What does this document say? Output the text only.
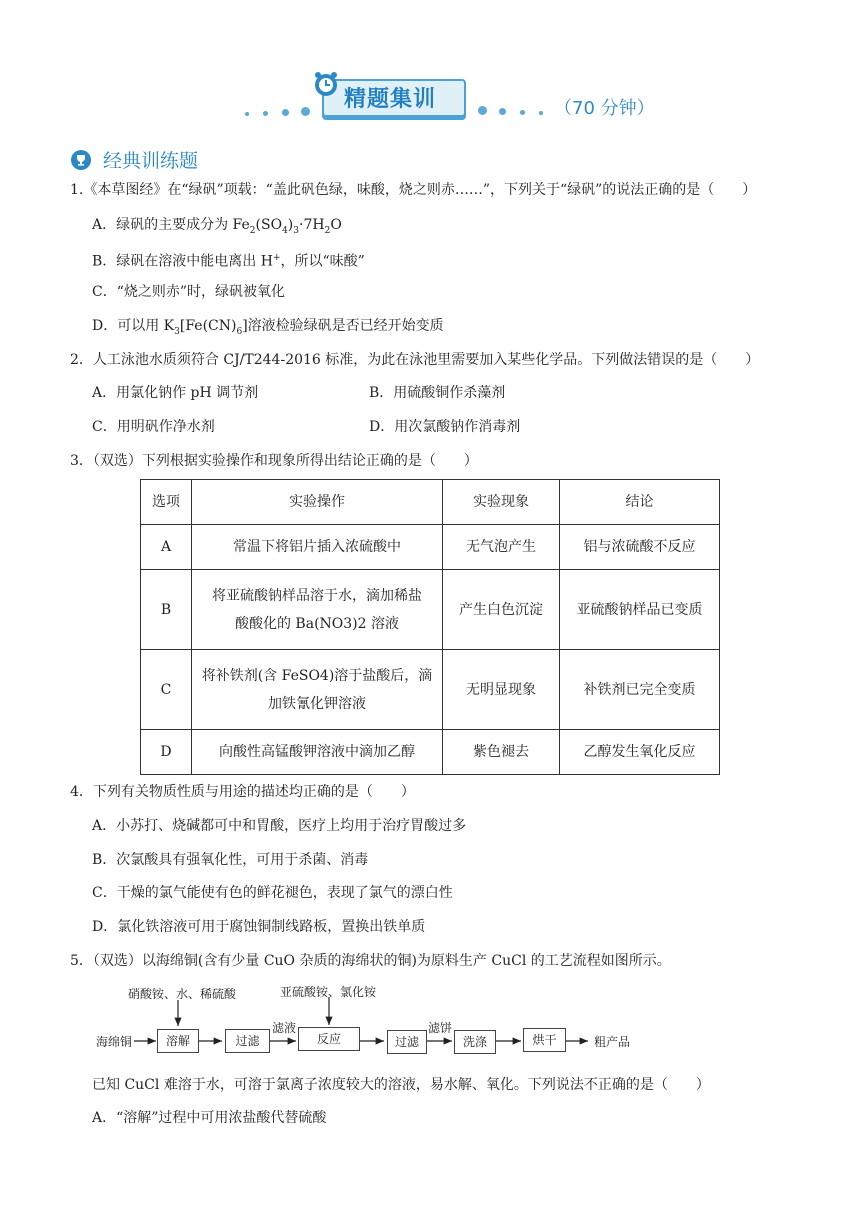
精题集训	（70 分钟）
经典训练题
1.《本草图经》在“绿矾”项载：“盖此矾色绿，味酸，烧之则赤……”，下列关于“绿矾”的说法正确的是（　　）
A．绿矾的主要成分为 $Fe_2(SO_4)_3\cdot 7H_2O$
B．绿矾在溶液中能电离出 H+，所以“味酸”
C．“烧之则赤”时，绿矾被氧化
D．可以用 $K_3[Fe(CN)_6]$溶液检验绿矾是否已经开始变质
2．人工泳池水质须符合 CJ/T244-2016 标准，为此在泳池里需要加入某些化学品。下列做法错误的是（　　）
A．用氯化钠作 pH 调节剂	B．用硫酸铜作杀藻剂
C．用明矾作净水剂	D．用次氯酸钠作消毒剂
3．（双选）下列根据实验操作和现象所得出结论正确的是（　　）
选项	实验操作	实验现象	结论
A	常温下将铝片插入浓硫酸中	无气泡产生	铝与浓硫酸不反应
B	将亚硫酸钠样品溶于水，滴加稀盐
酸酸化的 Ba(NO3)2 溶液	产生白色沉淀	亚硫酸钠样品已变质
C	将补铁剂(含 FeSO4)溶于盐酸后，滴
加铁氰化钾溶液	无明显现象	补铁剂已完全变质
D	向酸性高锰酸钾溶液中滴加乙醇	紫色褪去	乙醇发生氧化反应
4．下列有关物质性质与用途的描述均正确的是（　　）
A．小苏打、烧碱都可中和胃酸，医疗上均用于治疗胃酸过多
B．次氯酸具有强氧化性，可用于杀菌、消毒
C．干燥的氯气能使有色的鲜花褪色，表现了氯气的漂白性
D．氯化铁溶液可用于腐蚀铜制线路板，置换出铁单质
5．（双选）以海绵铜(含有少量 CuO 杂质的海绵状的铜)为原料生产 CuCl 的工艺流程如图所示。
海绵铜
硝酸铵、水、稀硫酸	亚硫酸铵、氯化铵
溶解	过滤
滤液
反应	过滤
滤饼
洗涤	烘干	粗产品
已知 CuCl 难溶于水，可溶于氯离子浓度较大的溶液，易水解、氧化。下列说法不正确的是（　　）
A．“溶解”过程中可用浓盐酸代替硫酸
